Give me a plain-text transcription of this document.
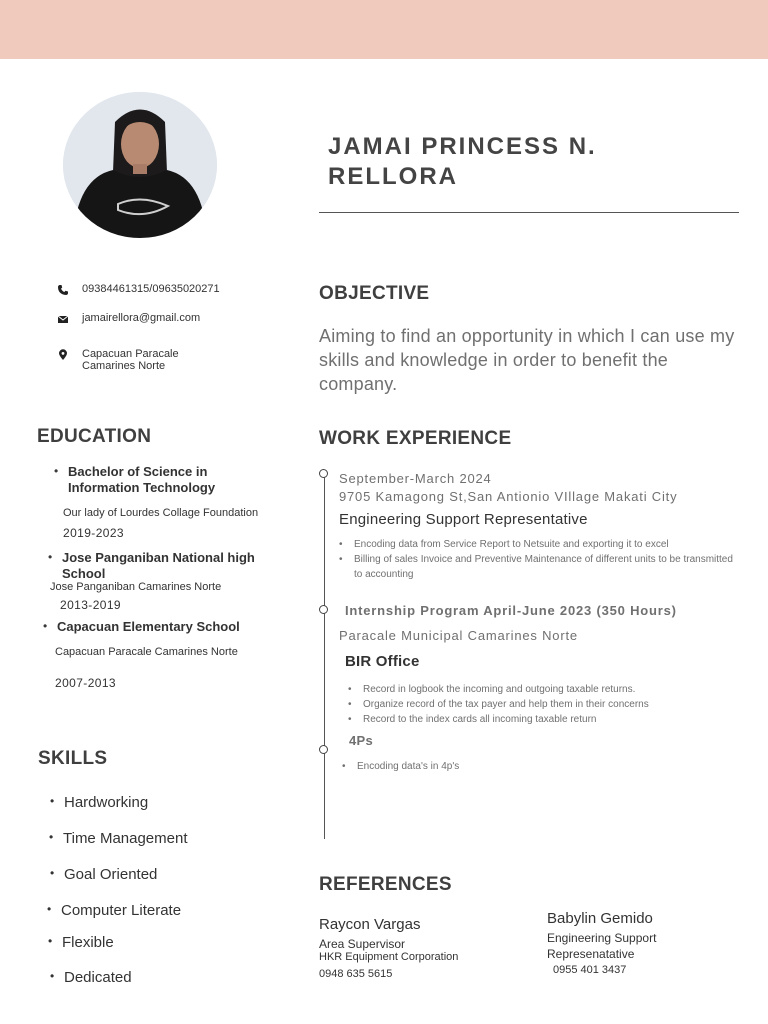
JAMAI PRINCESS N.
RELLORA
09384461315/09635020271
jamairellora@gmail.com
Capacuan Paracale
Camarines Norte
EDUCATION
• Bachelor of Science in
Information Technology
Our lady of Lourdes Collage Foundation
2019-2023
• Jose Panganiban National high
School
Jose Panganiban Camarines Norte
2013-2019
• Capacuan Elementary School
Capacuan Paracale Camarines Norte
2007-2013
SKILLS
• Hardworking
• Time Management
• Goal Oriented
• Computer Literate
• Flexible
• Dedicated
OBJECTIVE
Aiming to find an opportunity in which I can use my skills and knowledge in order to benefit the company.
WORK EXPERIENCE
September-March 2024
9705 Kamagong St,San Antionio VIllage Makati City
Engineering Support Representative
• Encoding data from Service Report to Netsuite and exporting it to excel
• Billing of sales Invoice and Preventive Maintenance of different units to be transmitted to accounting
Internship Program April-June 2023 (350 Hours)
Paracale Municipal Camarines Norte
BIR Office
• Record in logbook the incoming and outgoing taxable returns.
• Organize record of the tax payer and help them in their concerns
• Record to the index cards all incoming taxable return
4Ps
• Encoding data's in 4p's
REFERENCES
Raycon Vargas
Area Supervisor
HKR Equipment Corporation
0948 635 5615
Babylin Gemido
Engineering Support
Represenatative
0955 401 3437
